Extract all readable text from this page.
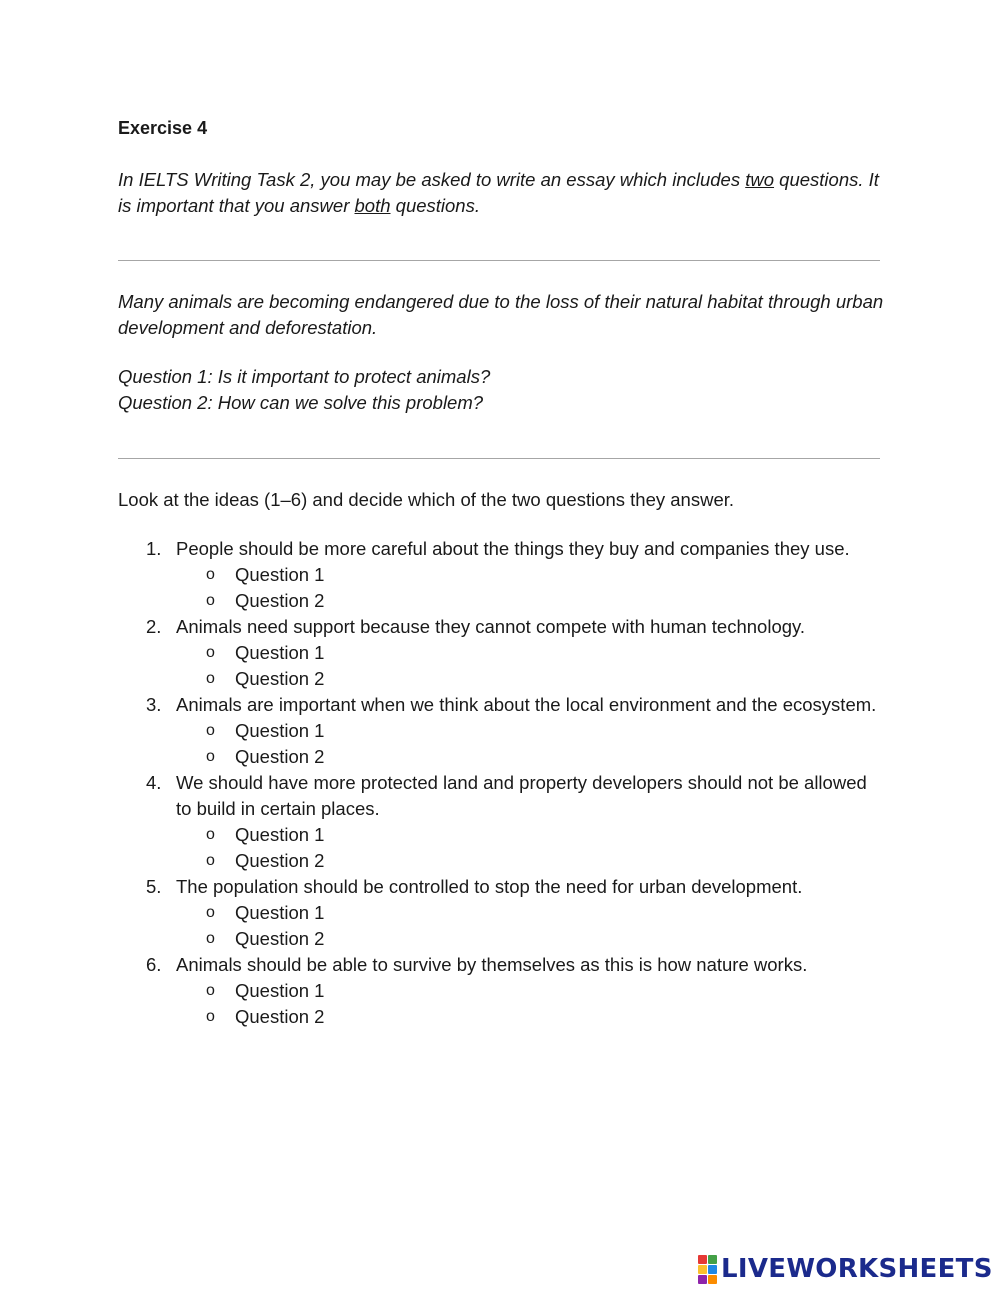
Exercise 4
In IELTS Writing Task 2, you may be asked to write an essay which includes two questions. It is important that you answer both questions.
Many animals are becoming endangered due to the loss of their natural habitat through urban development and deforestation.
Question 1: Is it important to protect animals?
Question 2: How can we solve this problem?
Look at the ideas (1–6) and decide which of the two questions they answer.
1. People should be more careful about the things they buy and companies they use.
o Question 1
o Question 2
2. Animals need support because they cannot compete with human technology.
o Question 1
o Question 2
3. Animals are important when we think about the local environment and the ecosystem.
o Question 1
o Question 2
4. We should have more protected land and property developers should not be allowed to build in certain places.
o Question 1
o Question 2
5. The population should be controlled to stop the need for urban development.
o Question 1
o Question 2
6. Animals should be able to survive by themselves as this is how nature works.
o Question 1
o Question 2
LIVEWORKSHEETS
